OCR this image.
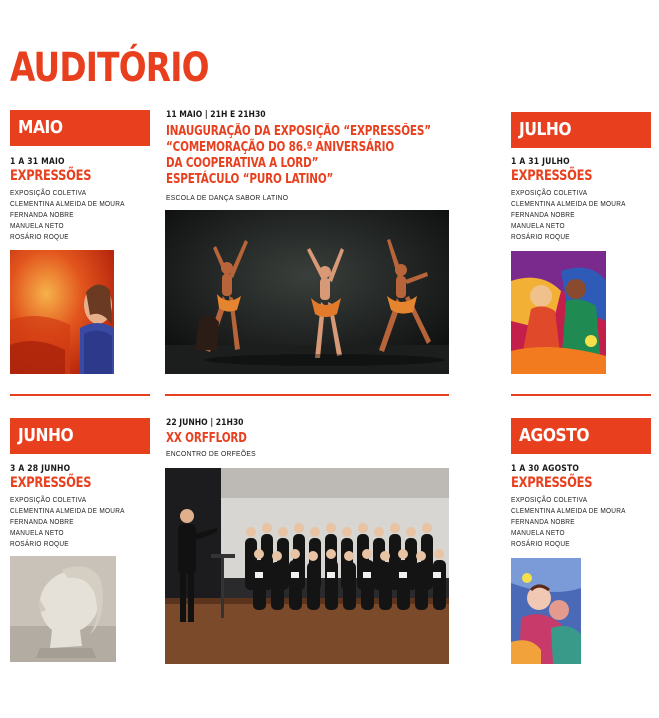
AUDITÓRIO
MAIO
1 A 31 MAIO
EXPRESSÕES
EXPOSIÇÃO COLETIVA
CLEMENTINA ALMEIDA DE MOURA
FERNANDA NOBRE
MANUELA NETO
ROSÁRIO ROQUE
11 MAIO | 21H E 21H30
INAUGURAÇÃO DA EXPOSIÇÃO “EXPRESSÕES”
“COMEMORAÇÃO DO 86.º ANIVERSÁRIO
DA COOPERATIVA A LORD”
ESPETÁCULO “PURO LATINO”
ESCOLA DE DANÇA SABOR LATINO
JULHO
1 A 31 JULHO
EXPRESSÕES
EXPOSIÇÃO COLETIVA
CLEMENTINA ALMEIDA DE MOURA
FERNANDA NOBRE
MANUELA NETO
ROSÁRIO ROQUE
JUNHO
3 A 28 JUNHO
EXPRESSÕES
EXPOSIÇÃO COLETIVA
CLEMENTINA ALMEIDA DE MOURA
FERNANDA NOBRE
MANUELA NETO
ROSÁRIO ROQUE
22 JUNHO | 21H30
XX ORFFLORD
ENCONTRO DE ORFEÕES
AGOSTO
1 A 30 AGOSTO
EXPRESSÕES
EXPOSIÇÃO COLETIVA
CLEMENTINA ALMEIDA DE MOURA
FERNANDA NOBRE
MANUELA NETO
ROSÁRIO ROQUE
